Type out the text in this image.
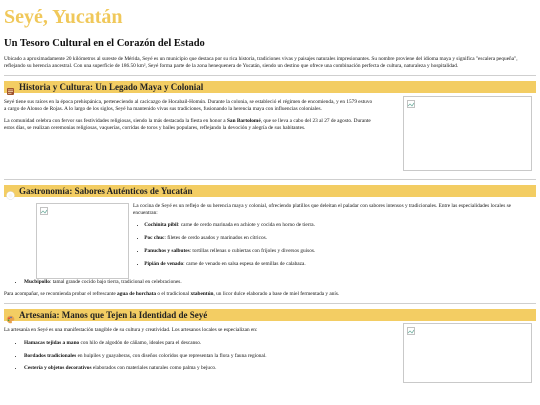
Seyé, Yucatán
Un Tesoro Cultural en el Corazón del Estado

Ubicado a aproximadamente 20 kilómetros al sureste de Mérida, Seyé es un municipio que destaca por su rica historia, tradiciones vivas y paisajes naturales impresionantes. Su nombre proviene del idioma maya y significa "escalera pequeña", reflejando su herencia ancestral. Con una superficie de 186.50 km², Seyé forma parte de la zona henequenera de Yucatán, siendo un destino que ofrece una combinación perfecta de cultura, naturaleza y hospitalidad.

Historia y Cultura: Un Legado Maya y Colonial

Seyé tiene sus raíces en la época prehispánica, perteneciendo al cacicazgo de Hocabail-Homún. Durante la colonia, se estableció el régimen de encomienda, y en 1579 estuvo a cargo de Alonso de Rojas. A lo largo de los siglos, Seyé ha mantenido vivas sus tradiciones, fusionando la herencia maya con influencias coloniales.

La comunidad celebra con fervor sus festividades religiosas, siendo la más destacada la fiesta en honor a San Bartolomé, que se lleva a cabo del 23 al 27 de agosto. Durante estos días, se realizan ceremonias religiosas, vaquerías, corridas de toros y bailes populares, reflejando la devoción y alegría de sus habitantes.

Gastronomía: Sabores Auténticos de Yucatán

La cocina de Seyé es un reflejo de su herencia maya y colonial, ofreciendo platillos que deleitan el paladar con sabores intensos y tradicionales. Entre las especialidades locales se encuentran:

• Cochinita pibil: carne de cerdo marinada en achiote y cocida en horno de tierra.
• Poc chuc: filetes de cerdo asados y marinados en cítricos.
• Panuchos y salbutes: tortillas rellenas o cubiertas con frijoles y diversos guisos.
• Pipián de venado: carne de venado en salsa espesa de semillas de calabaza.
• Mucbipollo: tamal grande cocido bajo tierra, tradicional en celebraciones.

Para acompañar, se recomienda probar el refrescante agua de horchata o el tradicional xtabentún, un licor dulce elaborado a base de miel fermentada y anís.

Artesanía: Manos que Tejen la Identidad de Seyé

La artesanía en Seyé es una manifestación tangible de su cultura y creatividad. Los artesanos locales se especializan en:

• Hamacas tejidas a mano con hilo de algodón de cáñamo, ideales para el descanso.
• Bordados tradicionales en huipiles y guayaberas, con diseños coloridos que representan la flora y fauna regional.
• Cestería y objetos decorativos elaborados con materiales naturales como palma y bejuco.
